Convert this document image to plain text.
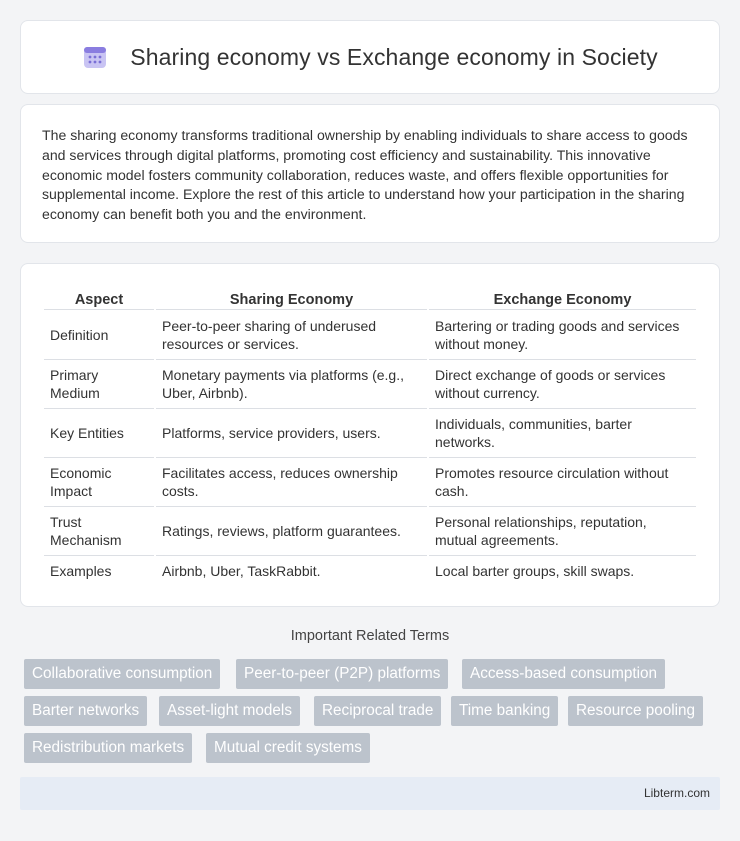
Sharing economy vs Exchange economy in Society

The sharing economy transforms traditional ownership by enabling individuals to share access to goods and services through digital platforms, promoting cost efficiency and sustainability. This innovative economic model fosters community collaboration, reduces waste, and offers flexible opportunities for supplemental income. Explore the rest of this article to understand how your participation in the sharing economy can benefit both you and the environment.

Aspect	Sharing Economy	Exchange Economy
Definition	Peer-to-peer sharing of underused resources or services.	Bartering or trading goods and services without money.
Primary Medium	Monetary payments via platforms (e.g., Uber, Airbnb).	Direct exchange of goods or services without currency.
Key Entities	Platforms, service providers, users.	Individuals, communities, barter networks.
Economic Impact	Facilitates access, reduces ownership costs.	Promotes resource circulation without cash.
Trust Mechanism	Ratings, reviews, platform guarantees.	Personal relationships, reputation, mutual agreements.
Examples	Airbnb, Uber, TaskRabbit.	Local barter groups, skill swaps.
Important Related Terms
Collaborative consumption	Peer-to-peer (P2P) platforms	Access-based consumption
Barter networks	Asset-light models	Reciprocal trade	Time banking	Resource pooling
Redistribution markets	Mutual credit systems
Libterm.com
